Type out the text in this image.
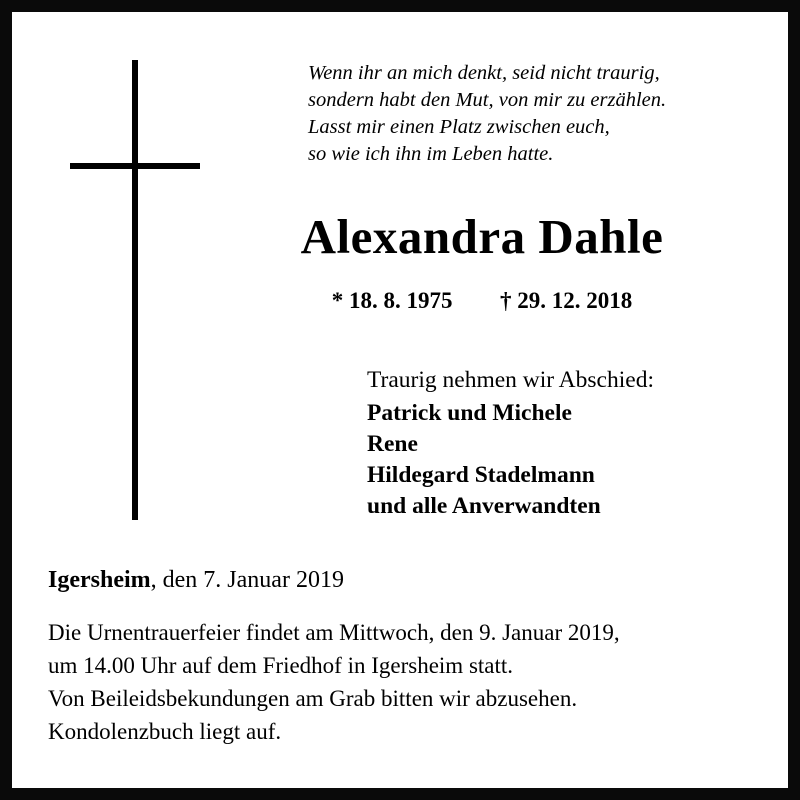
Wenn ihr an mich denkt, seid nicht traurig,
sondern habt den Mut, von mir zu erzählen.
Lasst mir einen Platz zwischen euch,
so wie ich ihn im Leben hatte.
Alexandra Dahle
* 18. 8. 1975 † 29. 12. 2018
Traurig nehmen wir Abschied:
Patrick und Michele
Rene
Hildegard Stadelmann
und alle Anverwandten
Igersheim, den 7. Januar 2019
Die Urnentrauerfeier findet am Mittwoch, den 9. Januar 2019,
um 14.00 Uhr auf dem Friedhof in Igersheim statt.
Von Beileidsbekundungen am Grab bitten wir abzusehen.
Kondolenzbuch liegt auf.
